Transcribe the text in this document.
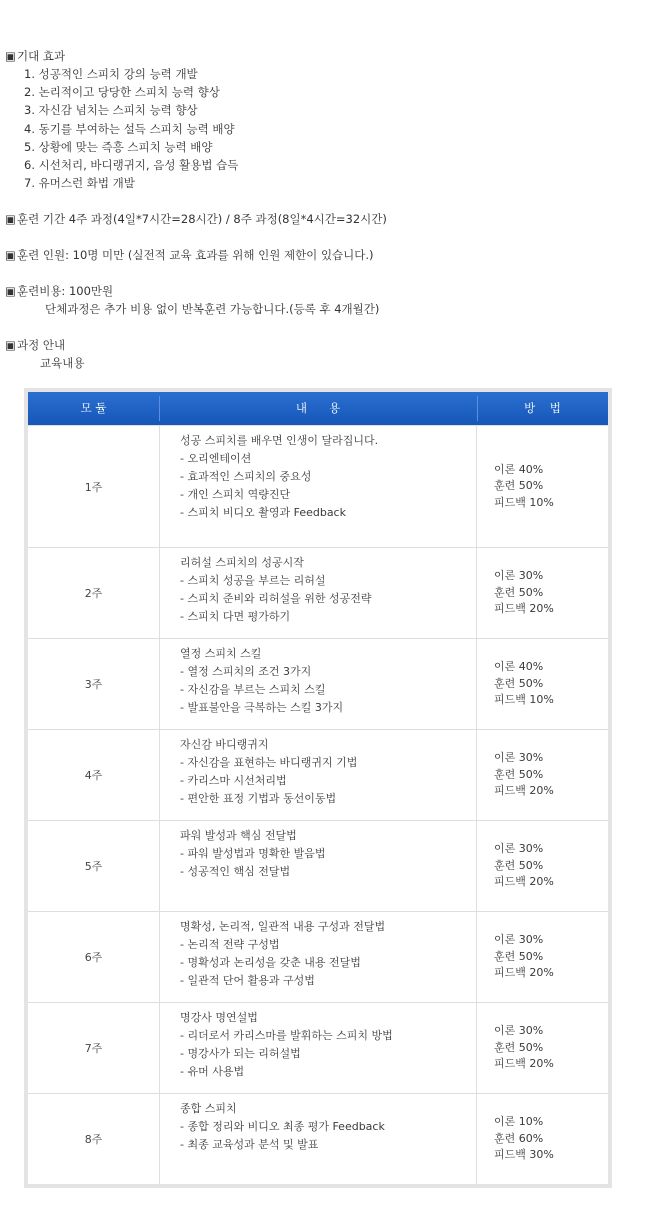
▣기대 효과
1. 성공적인 스피치 강의 능력 개발
2. 논리적이고 당당한 스피치 능력 향상
3. 자신감 넘치는 스피치 능력 향상
4. 동기를 부여하는 설득 스피치 능력 배양
5. 상황에 맞는 즉흥 스피치 능력 배양
6. 시선처리, 바디랭귀지, 음성 활용법 습득
7. 유머스런 화법 개발
▣훈련 기간 4주 과정(4일*7시간=28시간) / 8주 과정(8일*4시간=32시간)
▣훈련 인원: 10명 미만 (실전적 교육 효과를 위해 인원 제한이 있습니다.)
▣훈련비용: 100만원
단체과정은 추가 비용 없이 반복훈련 가능합니다.(등록 후 4개월간)
▣과정 안내
교육내용
모 듈	내      용	방    법
1주
성공 스피치를 배우면 인생이 달라집니다.
- 오리엔테이션
- 효과적인 스피치의 중요성
- 개인 스피치 역량진단
- 스피치 비디오 촬영과 Feedback
이론 40%
훈련 50%
피드백 10%
2주
리허설 스피치의 성공시작
- 스피치 성공을 부르는 리허설
- 스피치 준비와 리허설을 위한 성공전략
- 스피치 다면 평가하기
이론 30%
훈련 50%
피드백 20%
3주
열정 스피치 스킬
- 열정 스피치의 조건 3가지
- 자신감을 부르는 스피치 스킬
- 발표불안을 극복하는 스킬 3가지
이론 40%
훈련 50%
피드백 10%
4주
자신감 바디랭귀지
- 자신감을 표현하는 바디랭귀지 기법
- 카리스마 시선처리법
- 편안한 표정 기법과 동선이동법
이론 30%
훈련 50%
피드백 20%
5주
파워 발성과 핵심 전달법
- 파워 발성법과 명확한 발음법
- 성공적인 핵심 전달법
이론 30%
훈련 50%
피드백 20%
6주
명확성, 논리적, 일관적 내용 구성과 전달법
- 논리적 전략 구성법
- 명확성과 논리성을 갖춘 내용 전달법
- 일관적 단어 활용과 구성법
이론 30%
훈련 50%
피드백 20%
7주
명강사 명연설법
- 리더로서 카리스마를 발휘하는 스피치 방법
- 명강사가 되는 리허설법
- 유머 사용법
이론 30%
훈련 50%
피드백 20%
8주
종합 스피치
- 종합 정리와 비디오 최종 평가 Feedback
- 최종 교육성과 분석 및 발표
이론 10%
훈련 60%
피드백 30%
